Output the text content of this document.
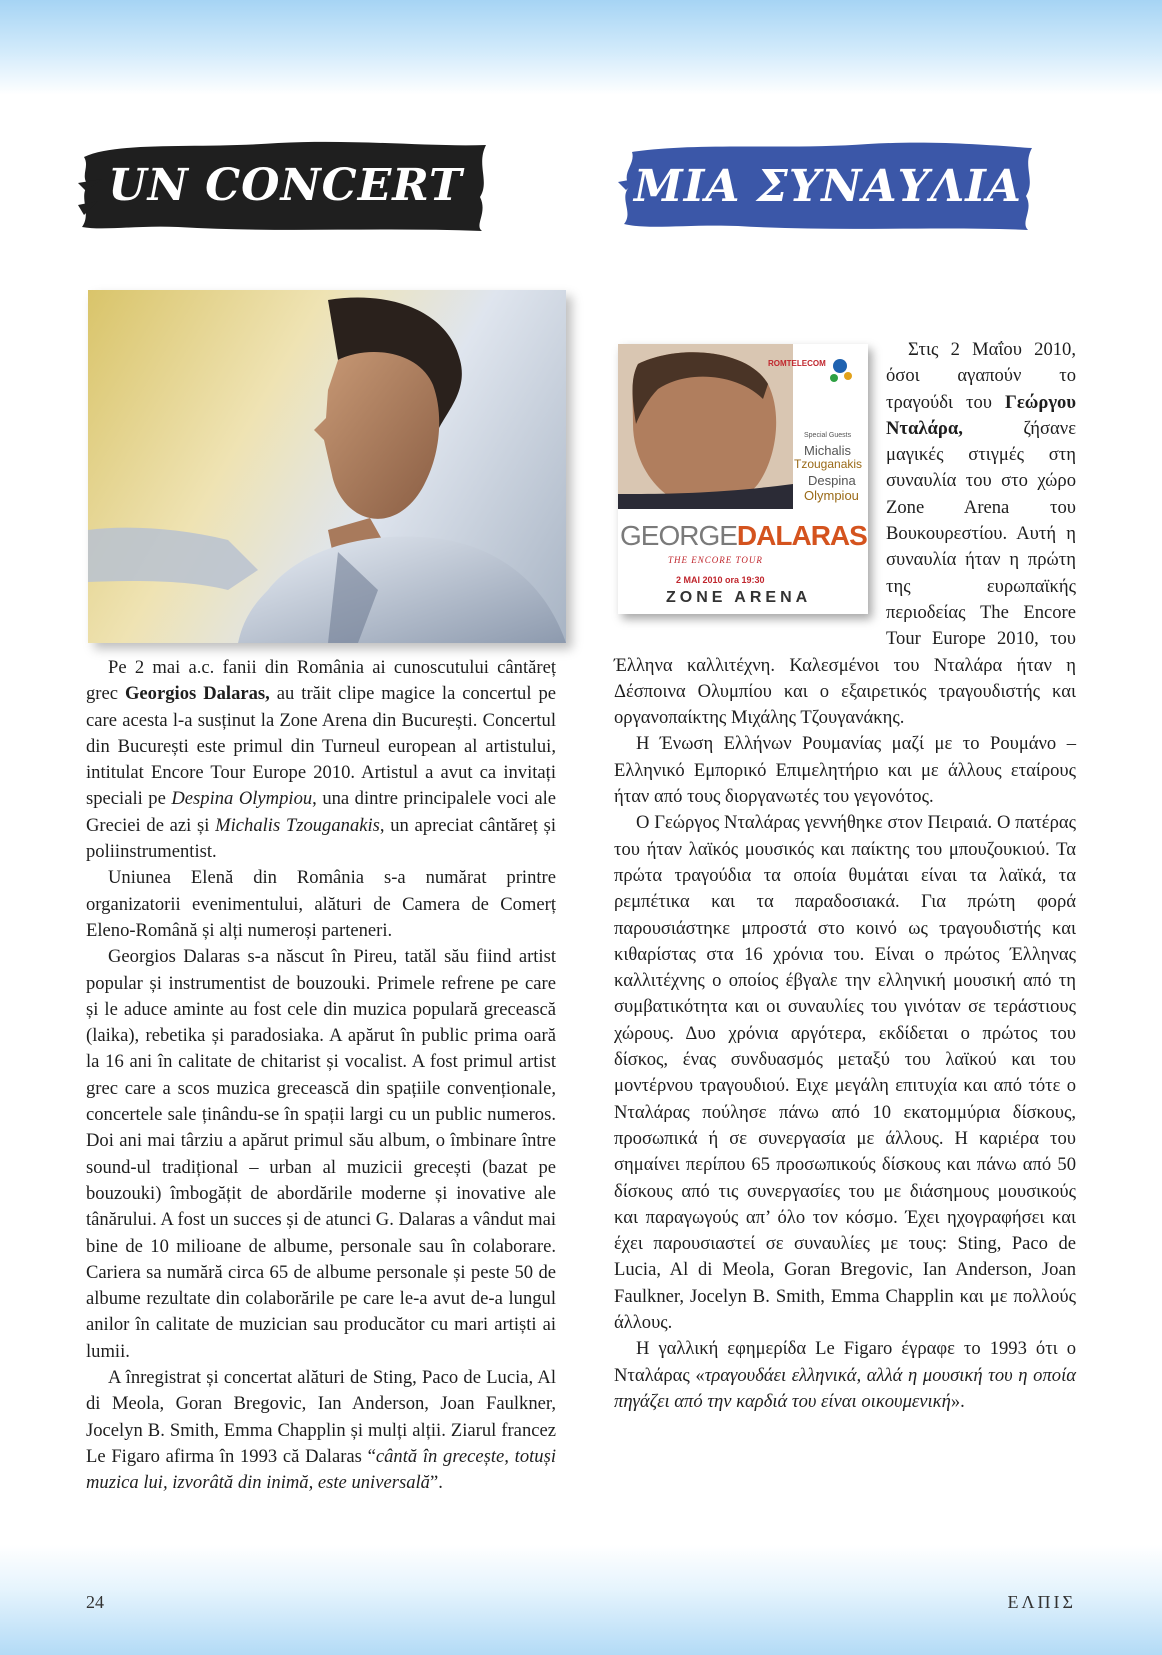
UN CONCERT	ΜΙΑ ΣΥΝΑΥΛΙΑ
ROMTELECOM
Special Guests
Michalis
Tzouganakis
Despina
Olympiou
GEORGEDALARAS
THE ENCORE TOUR
2 MAI 2010 ora 19:30
ZONE ARENA

Pe 2 mai a.c. fanii din România ai cunoscutului cântăreț grec Georgios Dalaras, au trăit clipe magice la concertul pe care acesta l-a susținut la Zone Arena din București. Concertul din București este primul din Turneul european al artistului, intitulat Encore Tour Europe 2010. Artistul a avut ca invitați speciali pe Despina Olympiou, una dintre principalele voci ale Greciei de azi și Michalis Tzouganakis, un apreciat cântăreț și poliinstrumentist.

Uniunea Elenă din România s-a numărat printre organizatorii evenimentului, alături de Camera de Comerț Eleno-Română și alți numeroși parteneri.

Georgios Dalaras s-a născut în Pireu, tatăl său fiind artist popular și instrumentist de bouzouki. Primele refrene pe care și le aduce aminte au fost cele din muzica populară grecească (laika), rebetika și paradosiaka. A apărut în public prima oară la 16 ani în calitate de chitarist și vocalist. A fost primul artist grec care a scos muzica grecească din spațiile convenționale, concertele sale ținându-se în spații largi cu un public numeros. Doi ani mai târziu a apărut primul său album, o îmbinare între sound-ul tradițional – urban al muzicii grecești (bazat pe bouzouki) îmbogățit de abordările moderne și inovative ale tânărului. A fost un succes și de atunci G. Dalaras a vândut mai bine de 10 milioane de albume, personale sau în colaborare. Cariera sa numără circa 65 de albume personale și peste 50 de albume rezultate din colaborările pe care le-a avut de-a lungul anilor în calitate de muzician sau producător cu mari artiști ai lumii.

A înregistrat și concertat alături de Sting, Paco de Lucia, Al di Meola, Goran Bregovic, Ian Anderson, Joan Faulkner, Jocelyn B. Smith, Emma Chapplin și mulți alții. Ziarul francez Le Figaro afirma în 1993 că Dalaras “cântă în grecește, totuși muzica lui, izvorâtă din inimă, este universală”.

Στις 2 Μαΐου 2010, όσοι αγαπούν το τραγούδι του Γεώργου Νταλάρα, ζήσανε μαγικές στιγμές στη συναυλία του στο χώρο Zone Arena του Βουκουρεστίου. Αυτή η συναυλία ήταν η πρώτη της ευρωπαϊκής περιοδείας The Encore Tour Europe 2010, του Έλληνα καλλιτέχνη. Καλεσμένοι του Νταλάρα ήταν η Δέσποινα Ολυμπίου και ο εξαιρετικός τραγουδιστής και οργανοπαίκτης Μιχάλης Τζουγανάκης.

Η Ένωση Ελλήνων Ρουμανίας μαζί με το Ρουμάνο – Ελληνικό Εμπορικό Επιμελητήριο και με άλλους εταίρους ήταν από τους διοργανωτές του γεγονότος.

Ο Γεώργος Νταλάρας γεννήθηκε στον Πειραιά. Ο πατέρας του ήταν λαϊκός μουσικός και παίκτης του μπουζουκιού. Τα πρώτα τραγούδια τα οποία θυμάται είναι τα λαϊκά, τα ρεμπέτικα και τα παραδοσιακά. Για πρώτη φορά παρουσιάστηκε μπροστά στο κοινό ως τραγουδιστής και κιθαρίστας στα 16 χρόνια του. Είναι ο πρώτος Έλληνας καλλιτέχνης ο οποίος έβγαλε την ελληνική μουσική από τη συμβατικότητα και οι συναυλίες του γινόταν σε τεράστιους χώρους. Δυο χρόνια αργότερα, εκδίδεται ο πρώτος του δίσκος, ένας συνδυασμός μεταξύ του λαϊκού και του μοντέρνου τραγουδιού. Ειχε μεγάλη επιτυχία και από τότε ο Νταλάρας πούλησε πάνω από 10 εκατομμύρια δίσκους, προσωπικά ή σε συνεργασία με άλλους. Η καριέρα του σημαίνει περίπου 65 προσωπικούς δίσκους και πάνω από 50 δίσκους από τις συνεργασίες του με διάσημους μουσικούς και παραγωγούς απ’ όλο τον κόσμο. Έχει ηχογραφήσει και έχει παρουσιαστεί σε συναυλίες με τους: Sting, Paco de Lucia, Al di Meola, Goran Bregovic, Ian Anderson, Joan Faulkner, Jocelyn B. Smith, Emma Chapplin και με πολλούς άλλους.

Η γαλλική εφημερίδα Le Figaro έγραφε το 1993 ότι ο Νταλάρας «τραγουδάει ελληνικά, αλλά η μουσική του η οποία πηγάζει από την καρδιά του είναι οικουμενική».

24	ΕΛΠΙΣ
